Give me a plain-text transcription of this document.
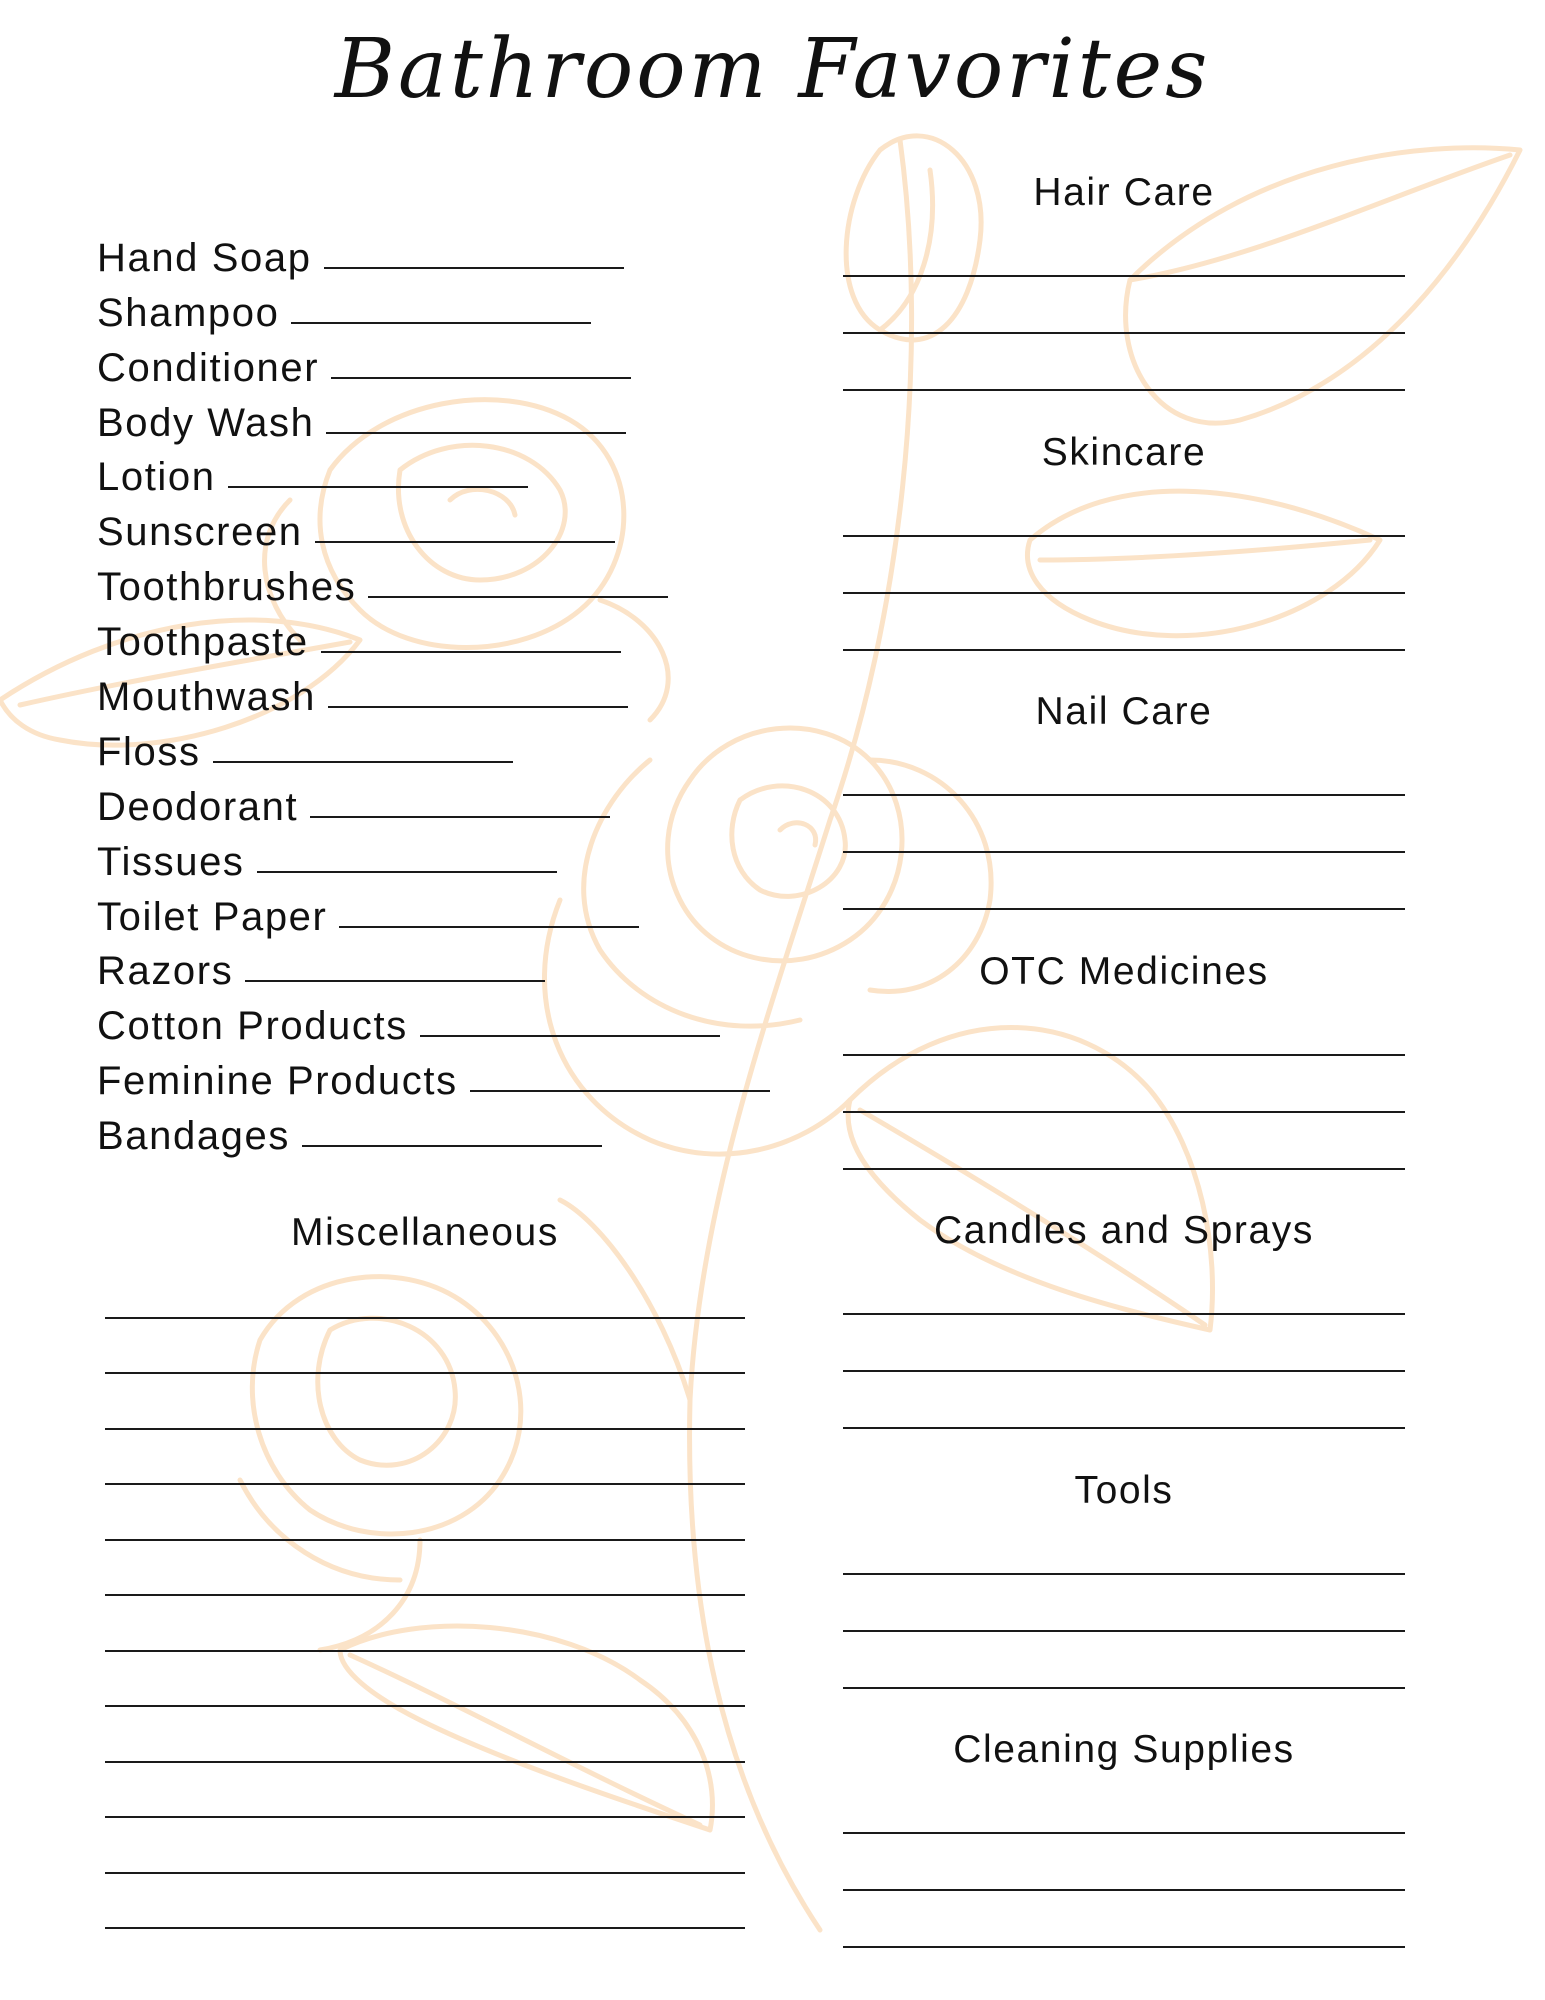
Bathroom Favorites
Hand Soap
Shampoo
Conditioner
Body Wash
Lotion
Sunscreen
Toothbrushes
Toothpaste
Mouthwash
Floss
Deodorant
Tissues
Toilet Paper
Razors
Cotton Products
Feminine Products
Bandages
Miscellaneous
Hair Care
Skincare
Nail Care
OTC Medicines
Candles and Sprays
Tools
Cleaning Supplies
